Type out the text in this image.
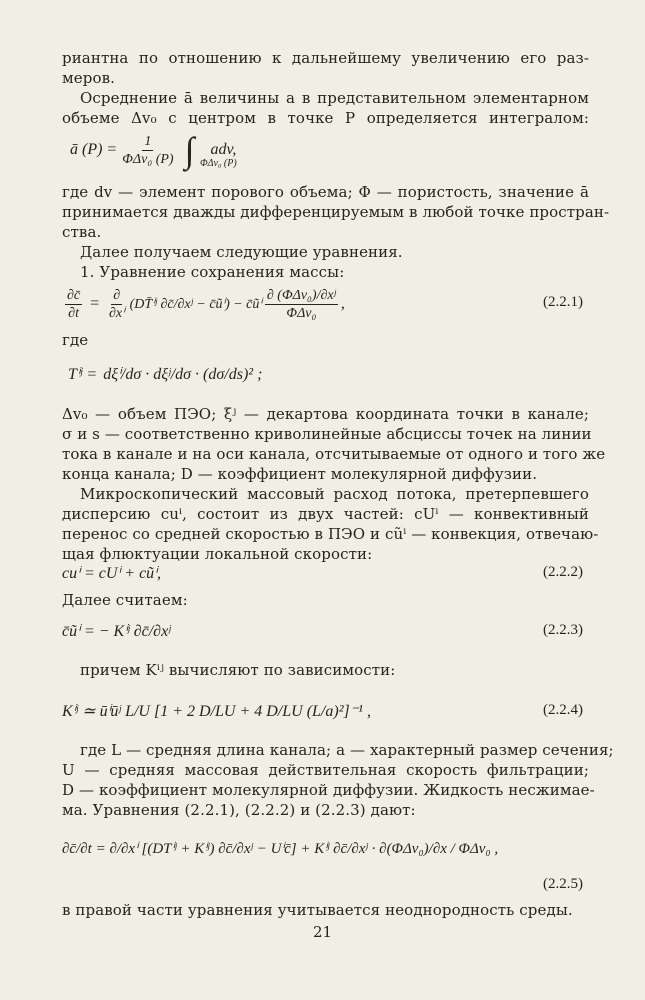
риантна по отношению к дальнейшему увеличению его раз-
меров.
Осреднение ā величины a в представительном элементарном
объеме Δv₀ с центром в точке P определяется интегралом:
ā $(P) = \frac{1}{\text{ΦΔv₀ (P)}}$ ∫ adv,
ΦΔv₀ (P)
где dv — элемент порового объема; Φ — пористость, значение ā
принимается дважды дифференцируемым в любой точке простран-
ства.
Далее получаем следующие уравнения.
1. Уравнение сохранения массы:
$\frac{\partial c̄}{\partial t} = \frac{\partial}{\text{∂xⁱ}}$ (DT̄ⁱʲ ∂c̄/∂xʲ − c̄ũⁱ) − c̄ũⁱ $\frac{\text{∂ (ΦΔv₀)/∂xʲ}}{\text{ΦΔv₀}}$ ,	(2.2.1)
где
Tⁱʲ = dξⁱ/dσ · dξʲ/dσ · (dσ/ds)² ;
Δv₀ — объем ПЭО; ξʲ — декартова координата точки в канале;
σ и s — соответственно криволинейные абсциссы точек на линии
тока в канале и на оси канала, отсчитываемые от одного и того же
конца канала; D — коэффициент молекулярной диффузии.
Микроскопический массовый расход потока, претерпевшего
дисперсию cuⁱ, состоит из двух частей: cUⁱ — конвективный
перенос со средней скоростью в ПЭО и cũⁱ — конвекция, отвечаю-
щая флюктуации локальной скорости:
cuⁱ = cUⁱ + cũⁱ,	(2.2.2)
Далее считаем:
c̄ũⁱ = − Kⁱʲ ∂c̄/∂xʲ	(2.2.3)
причем Kⁱʲ вычисляют по зависимости:
Kⁱʲ ≃ ūⁱūʲ L/U [1 + 2 D/LU + 4 D/LU (L/a)²]⁻¹ ,	(2.2.4)
где L — средняя длина канала; a — характерный размер сечения;
U — средняя массовая действительная скорость фильтрации;
D — коэффициент молекулярной диффузии. Жидкость несжимае-
ма. Уравнения (2.2.1), (2.2.2) и (2.2.3) дают:
∂c̄/∂t = ∂/∂xⁱ [(DTⁱʲ + Kⁱʲ) ∂c̄/∂xʲ − Uⁱc̄] + Kⁱʲ ∂c̄/∂xʲ · ∂(ΦΔv₀)/∂x / ΦΔv₀ ,
(2.2.5)
в правой части уравнения учитывается неоднородность среды.
21
